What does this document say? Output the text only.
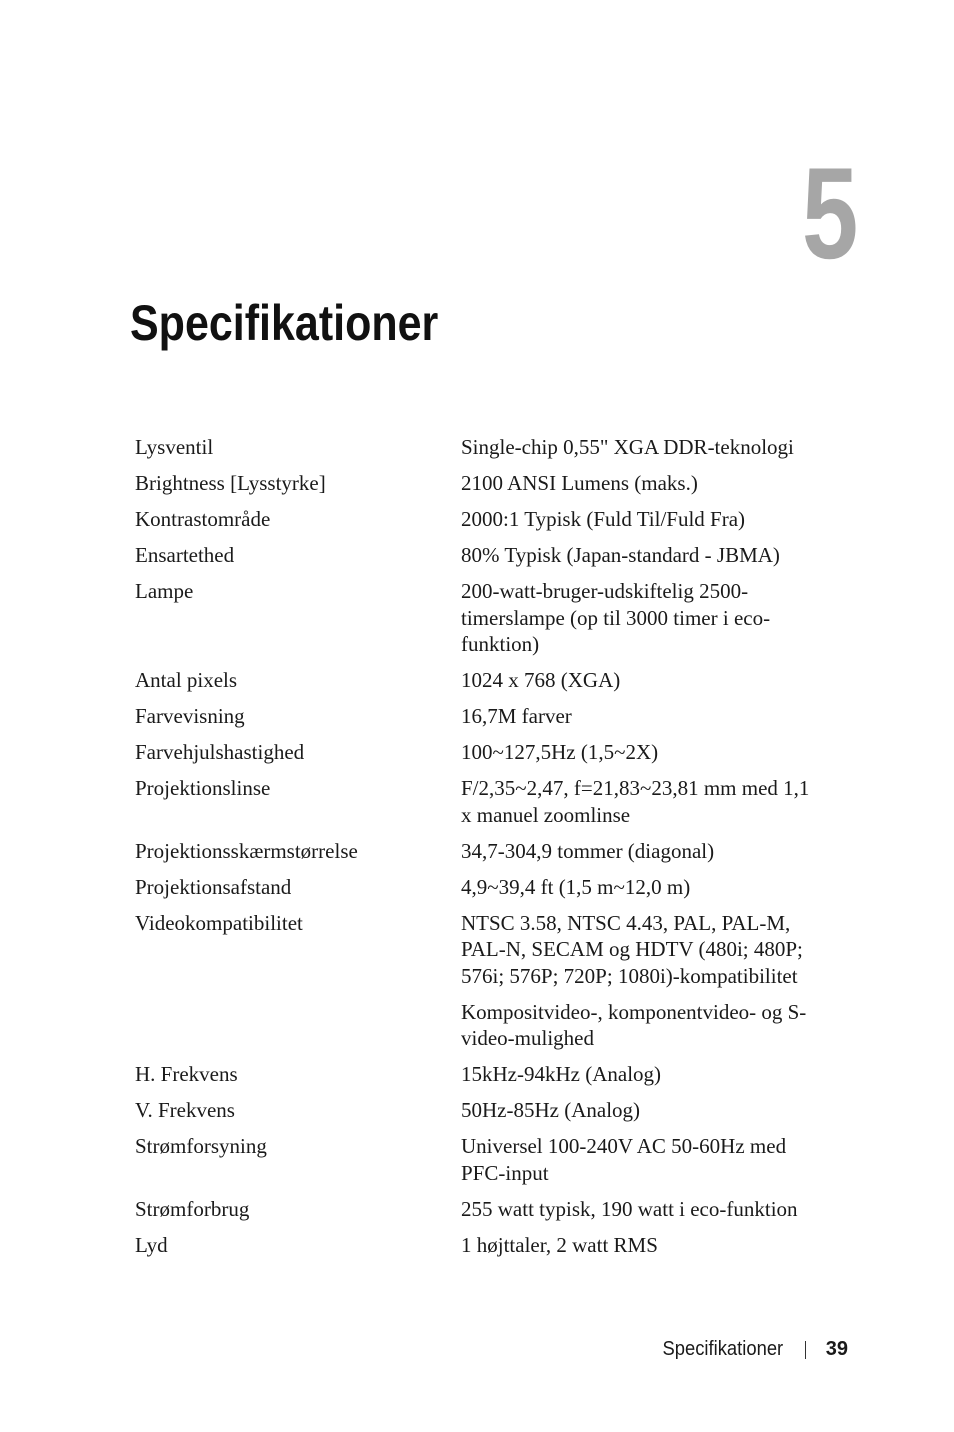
5
Specifikationer
Lysventil	Single-chip 0,55" XGA DDR-teknologi
Brightness [Lysstyrke]	2100 ANSI Lumens (maks.)
Kontrastområde	2000:1 Typisk (Fuld Til/Fuld Fra)
Ensartethed	80% Typisk (Japan-standard - JBMA)
Lampe	200-watt-bruger-udskiftelig 2500-timerslampe (op til 3000 timer i eco-funktion)
Antal pixels	1024 x 768 (XGA)
Farvevisning	16,7M farver
Farvehjulshastighed	100~127,5Hz (1,5~2X)
Projektionslinse	F/2,35~2,47, f=21,83~23,81 mm med 1,1 x manuel zoomlinse
Projektionsskærmstørrelse	34,7-304,9 tommer (diagonal)
Projektionsafstand	4,9~39,4 ft (1,5 m~12,0 m)
Videokompatibilitet	NTSC 3.58, NTSC 4.43, PAL, PAL-M, PAL-N, SECAM og HDTV (480i; 480P; 576i; 576P; 720P; 1080i)-kompatibilitet
Kompositvideo-, komponentvideo- og S-video-mulighed
H. Frekvens	15kHz-94kHz (Analog)
V. Frekvens	50Hz-85Hz (Analog)
Strømforsyning	Universel 100-240V AC 50-60Hz med PFC-input
Strømforbrug	255 watt typisk, 190 watt i eco-funktion
Lyd	1 højttaler, 2 watt RMS
Specifikationer 39
